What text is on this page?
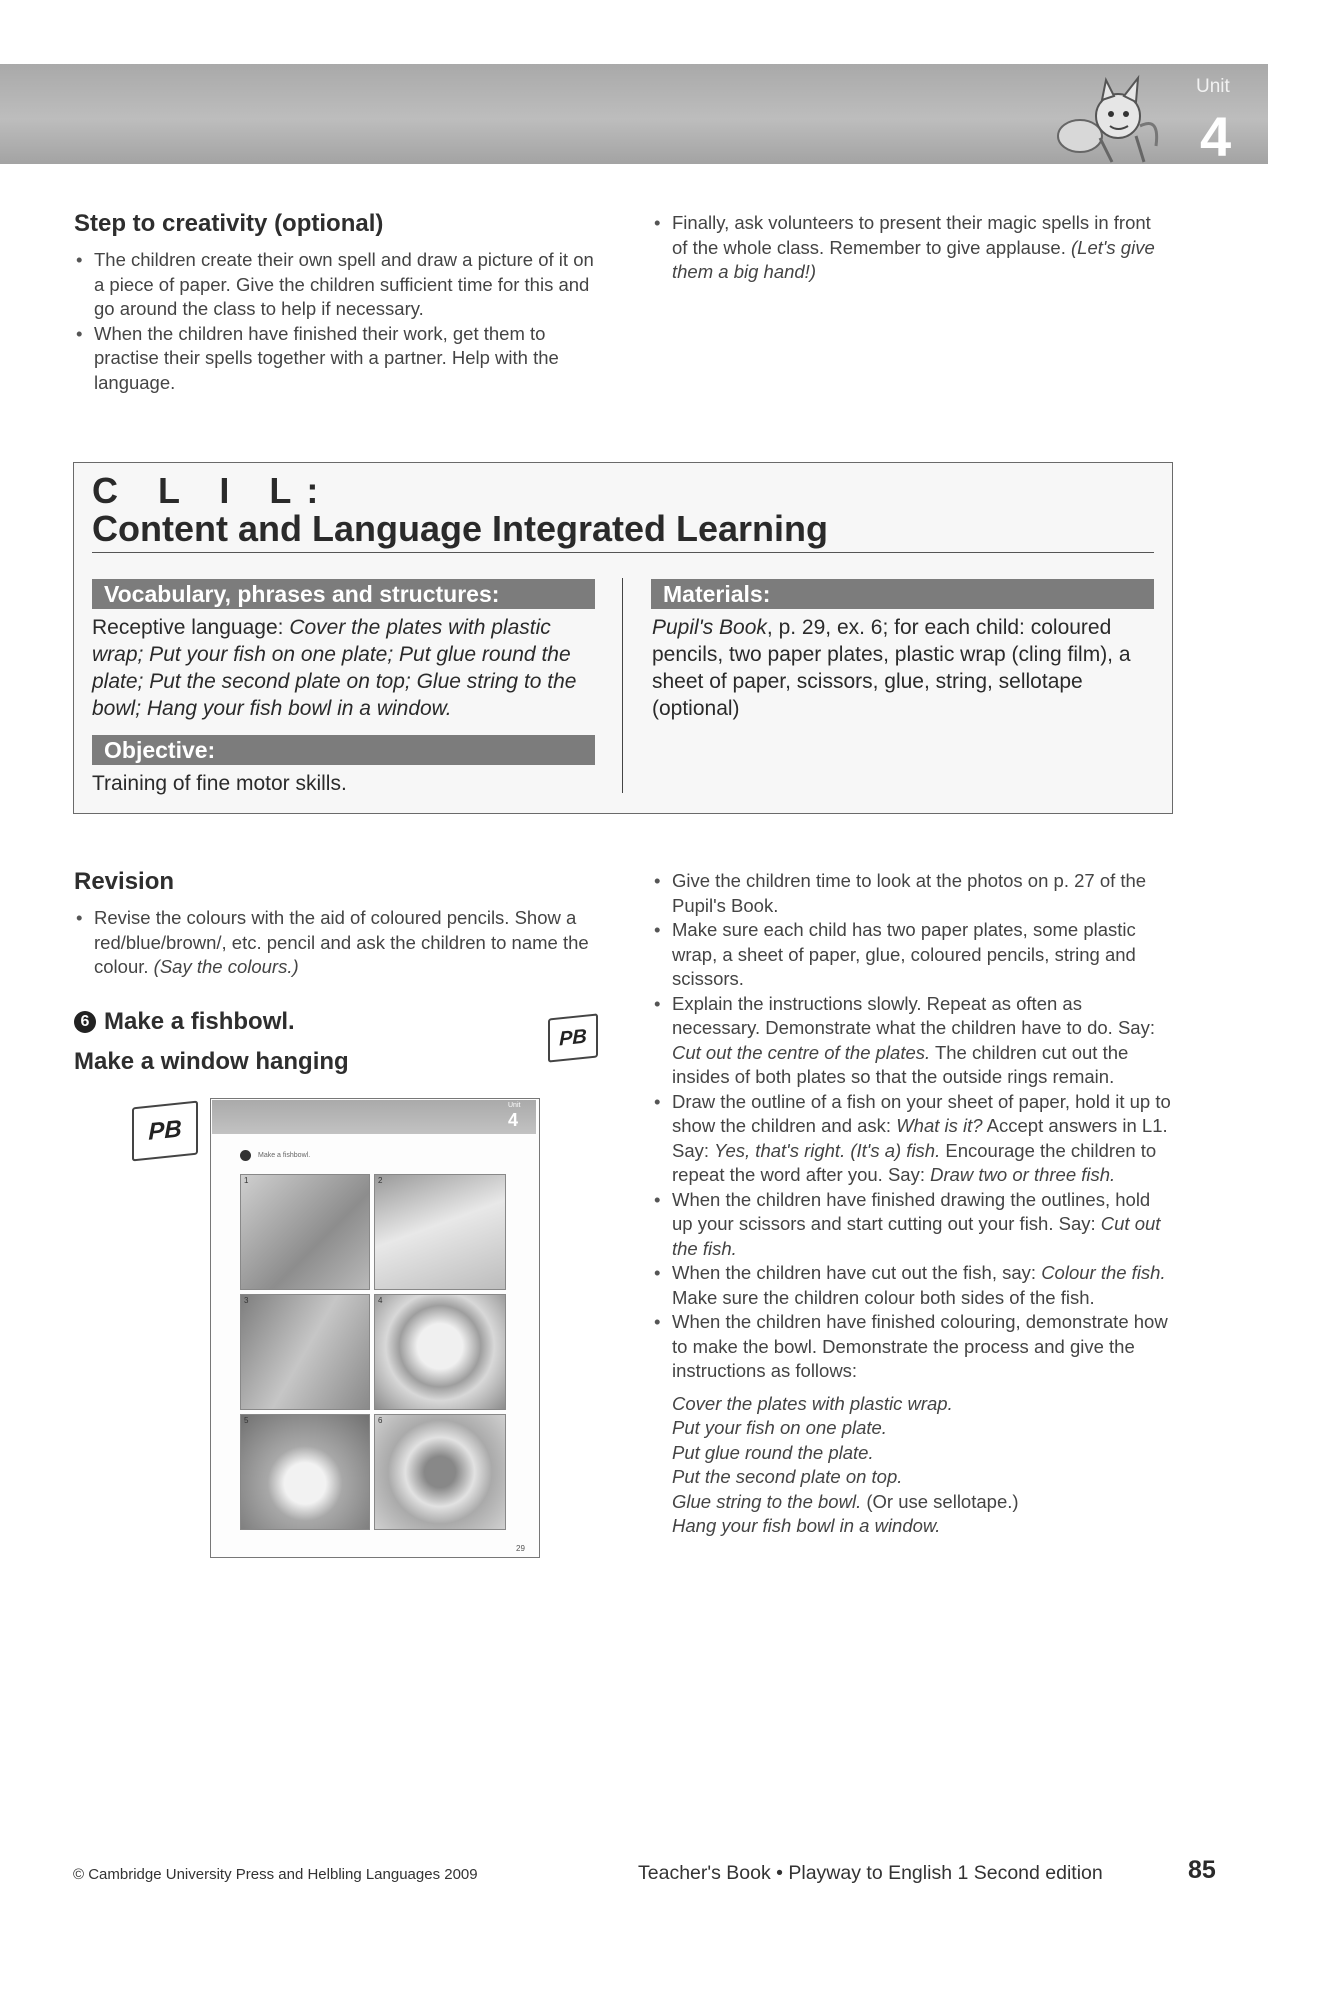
Unit
4
Step to creativity (optional)
• The children create their own spell and draw a picture of it on a piece of paper. Give the children sufficient time for this and go around the class to help if necessary.
• When the children have finished their work, get them to practise their spells together with a partner. Help with the language.
• Finally, ask volunteers to present their magic spells in front of the whole class. Remember to give applause. (Let's give them a big hand!)
C L I L:
Content and Language Integrated Learning
Vocabulary, phrases and structures:
Receptive language: Cover the plates with plastic wrap; Put your fish on one plate; Put glue round the plate; Put the second plate on top; Glue string to the bowl; Hang your fish bowl in a window.
Objective:
Training of fine motor skills.
Materials:
Pupil's Book, p. 29, ex. 6; for each child: coloured pencils, two paper plates, plastic wrap (cling film), a sheet of paper, scissors, glue, string, sellotape (optional)
Revision
• Revise the colours with the aid of coloured pencils. Show a red/blue/brown/, etc. pencil and ask the children to name the colour. (Say the colours.)
6 Make a fishbowl.
Make a window hanging
PB
PB
Unit
4
Make a fishbowl.
1	2
3	4
5	6
29
• Give the children time to look at the photos on p. 27 of the Pupil's Book.
• Make sure each child has two paper plates, some plastic wrap, a sheet of paper, glue, coloured pencils, string and scissors.
• Explain the instructions slowly. Repeat as often as necessary. Demonstrate what the children have to do. Say: Cut out the centre of the plates. The children cut out the insides of both plates so that the outside rings remain.
• Draw the outline of a fish on your sheet of paper, hold it up to show the children and ask: What is it? Accept answers in L1. Say: Yes, that's right. (It's a) fish. Encourage the children to repeat the word after you. Say: Draw two or three fish.
• When the children have finished drawing the outlines, hold up your scissors and start cutting out your fish. Say: Cut out the fish.
• When the children have cut out the fish, say: Colour the fish. Make sure the children colour both sides of the fish.
• When the children have finished colouring, demonstrate how to make the bowl. Demonstrate the process and give the instructions as follows:
Cover the plates with plastic wrap.
Put your fish on one plate.
Put glue round the plate.
Put the second plate on top.
Glue string to the bowl. (Or use sellotape.)
Hang your fish bowl in a window.
© Cambridge University Press and Helbling Languages 2009	Teacher's Book • Playway to English 1 Second edition	85
